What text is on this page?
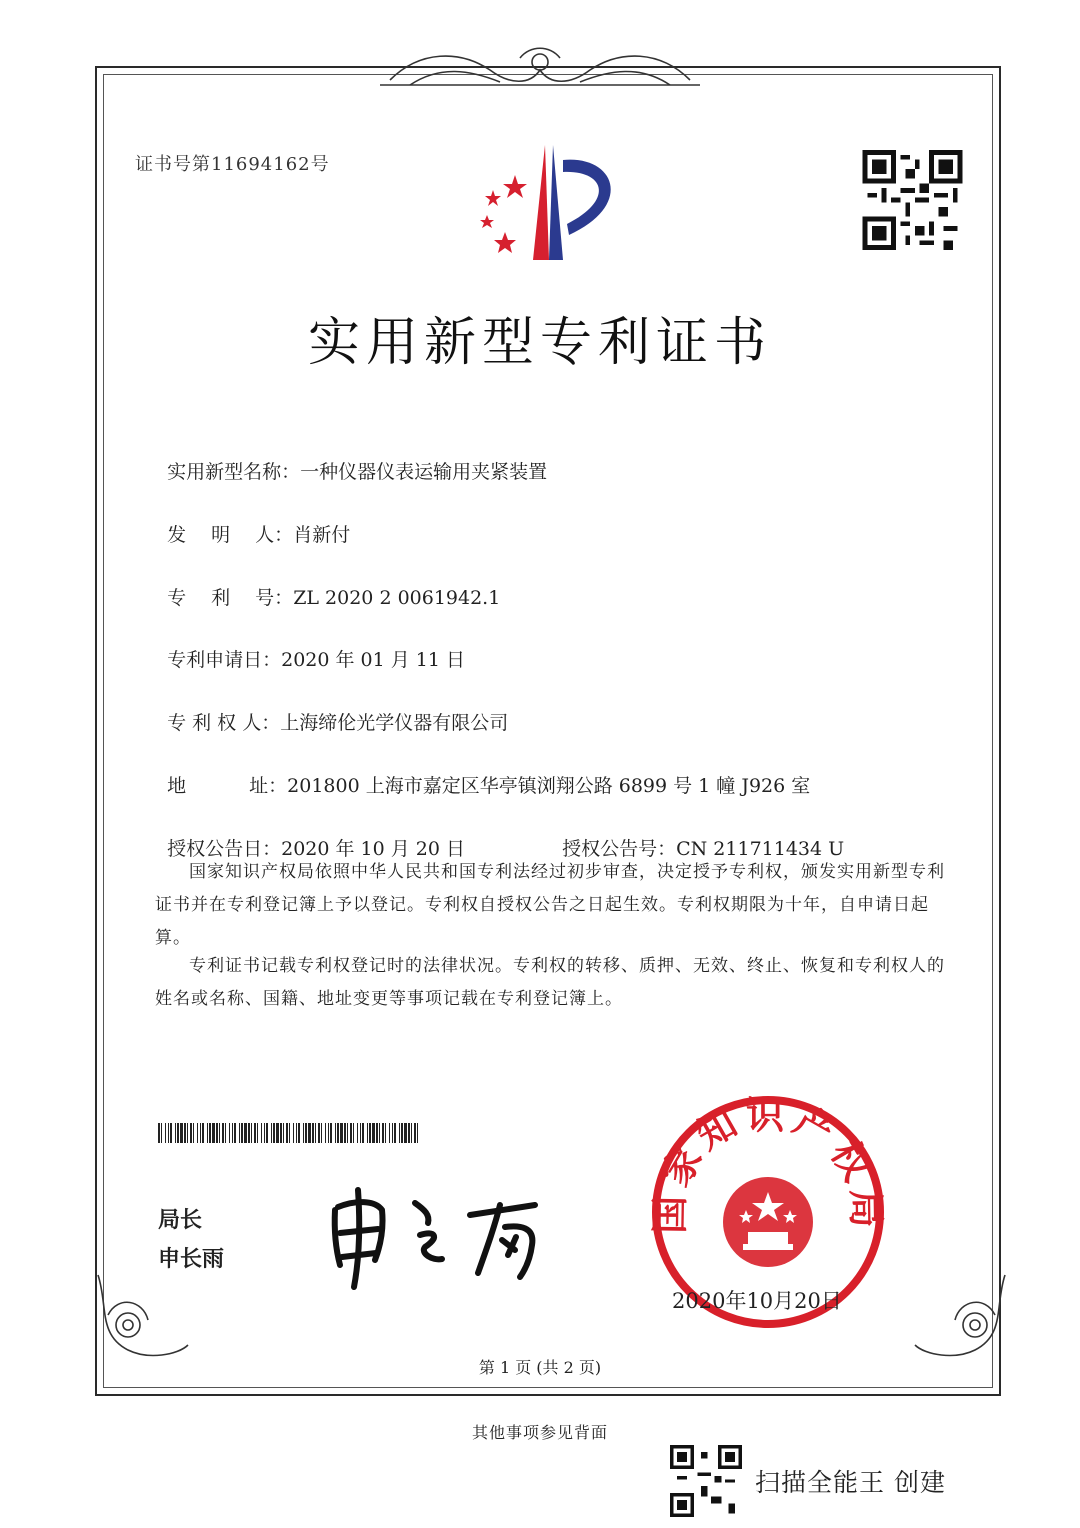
证书号第11694162号
实用新型专利证书

实用新型名称：一种仪器仪表运输用夹紧装置

发　 明　 人：肖新付

专　 利　 号：ZL 2020 2 0061942.1

专利申请日：2020 年 01 月 11 日

专 利 权 人：上海缔伦光学仪器有限公司

地　　　 址：201800 上海市嘉定区华亭镇浏翔公路 6899 号 1 幢 J926 室

授权公告日：2020 年 10 月 20 日	授权公告号：CN 211711434 U

国家知识产权局依照中华人民共和国专利法经过初步审查，决定授予专利权，颁发实用新型专利证书并在专利登记簿上予以登记。专利权自授权公告之日起生效。专利权期限为十年，自申请日起算。

专利证书记载专利权登记时的法律状况。专利权的转移、质押、无效、终止、恢复和专利权人的姓名或名称、国籍、地址变更等事项记载在专利登记簿上。

局长
申长雨
国家知识产权局
2020年10月20日
第 1 页 (共 2 页)
其他事项参见背面
扫描全能王 创建
